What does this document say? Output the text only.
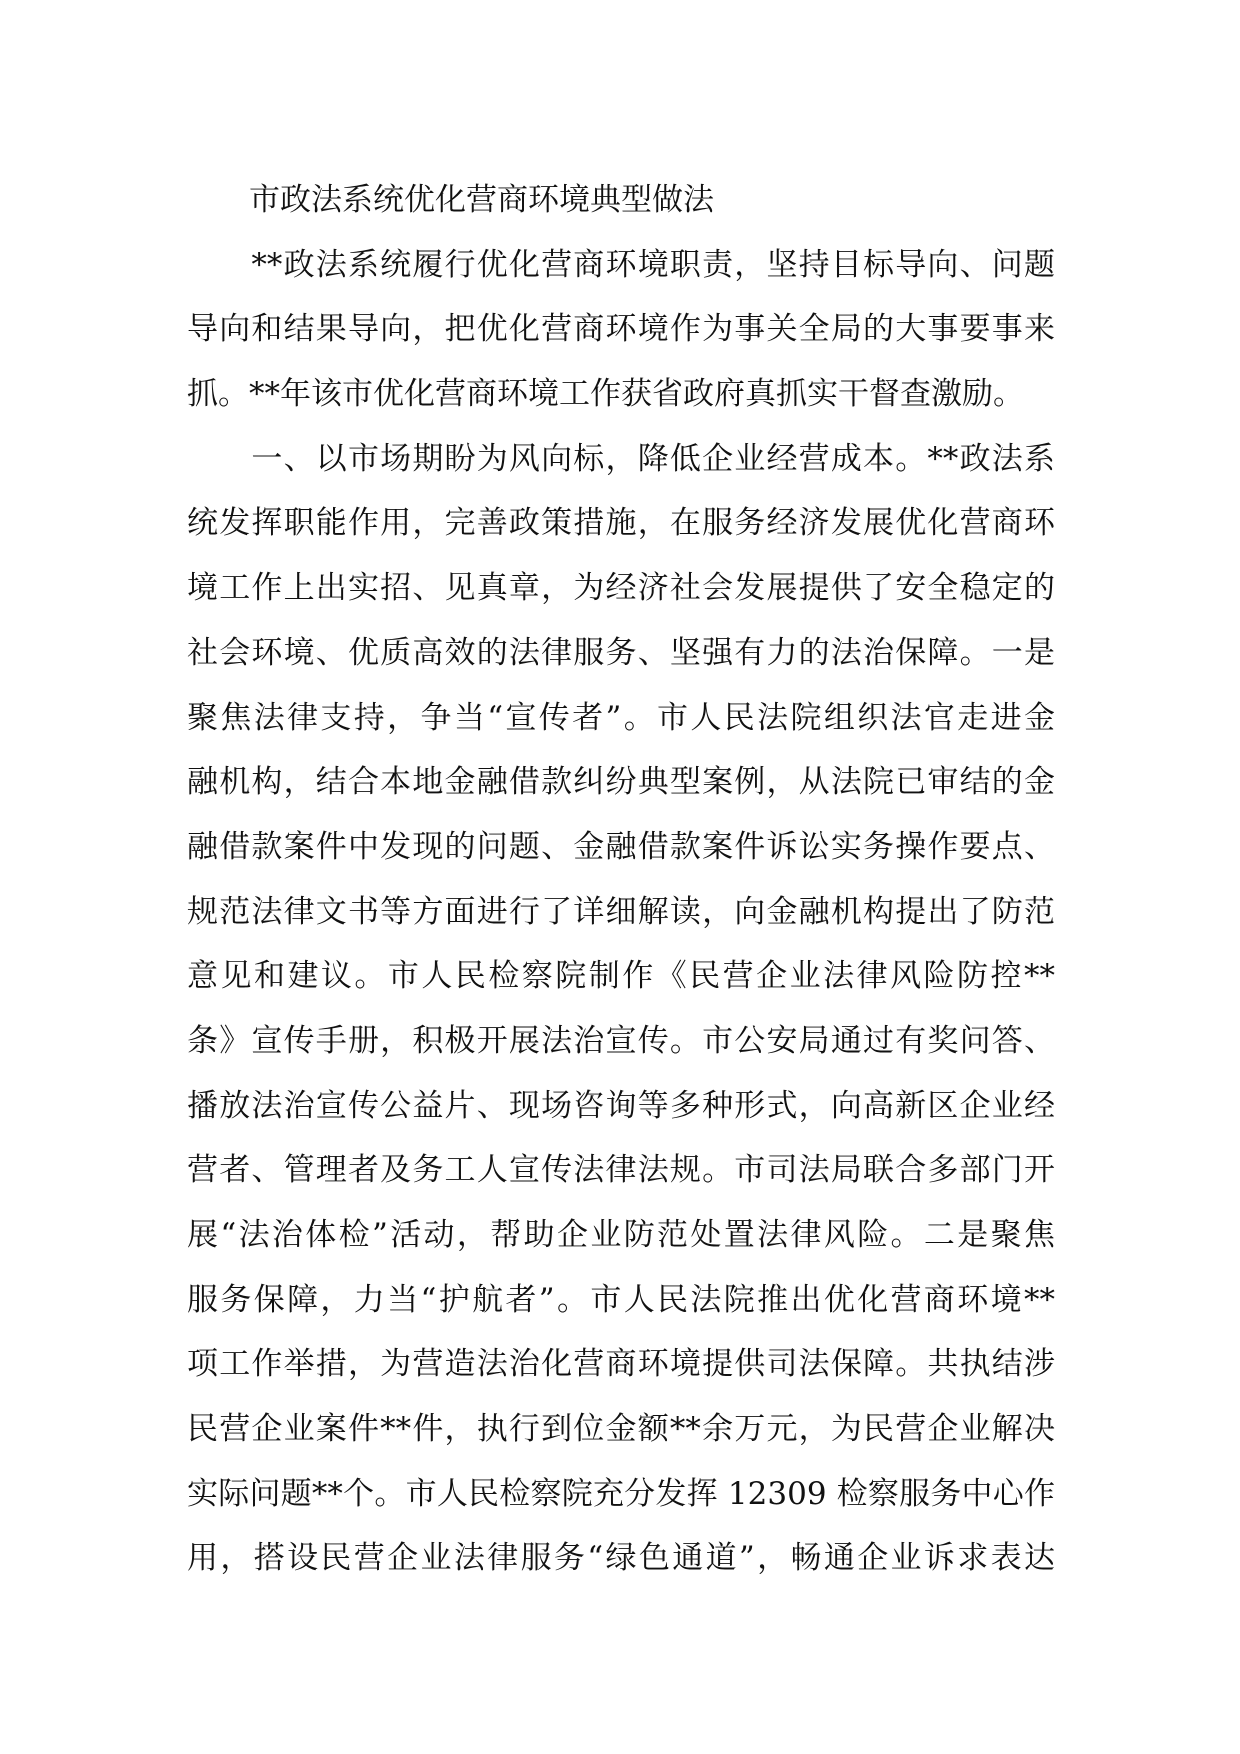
　　市政法系统优化营商环境典型做法
　　**政法系统履行优化营商环境职责，坚持目标导向、问题
导向和结果导向，把优化营商环境作为事关全局的大事要事来
抓。**年该市优化营商环境工作获省政府真抓实干督查激励。
　　一、以市场期盼为风向标，降低企业经营成本。**政法系
统发挥职能作用，完善政策措施，在服务经济发展优化营商环
境工作上出实招、见真章，为经济社会发展提供了安全稳定的
社会环境、优质高效的法律服务、坚强有力的法治保障。一是
聚焦法律支持，争当“宣传者”。市人民法院组织法官走进金
融机构，结合本地金融借款纠纷典型案例，从法院已审结的金
融借款案件中发现的问题、金融借款案件诉讼实务操作要点、
规范法律文书等方面进行了详细解读，向金融机构提出了防范
意见和建议。市人民检察院制作《民营企业法律风险防控**
条》宣传手册，积极开展法治宣传。市公安局通过有奖问答、
播放法治宣传公益片、现场咨询等多种形式，向高新区企业经
营者、管理者及务工人宣传法律法规。市司法局联合多部门开
展“法治体检”活动，帮助企业防范处置法律风险。二是聚焦
服务保障，力当“护航者”。市人民法院推出优化营商环境**
项工作举措，为营造法治化营商环境提供司法保障。共执结涉
民营企业案件**件，执行到位金额**余万元，为民营企业解决
实际问题**个。市人民检察院充分发挥 12309 检察服务中心作
用，搭设民营企业法律服务“绿色通道”，畅通企业诉求表达
